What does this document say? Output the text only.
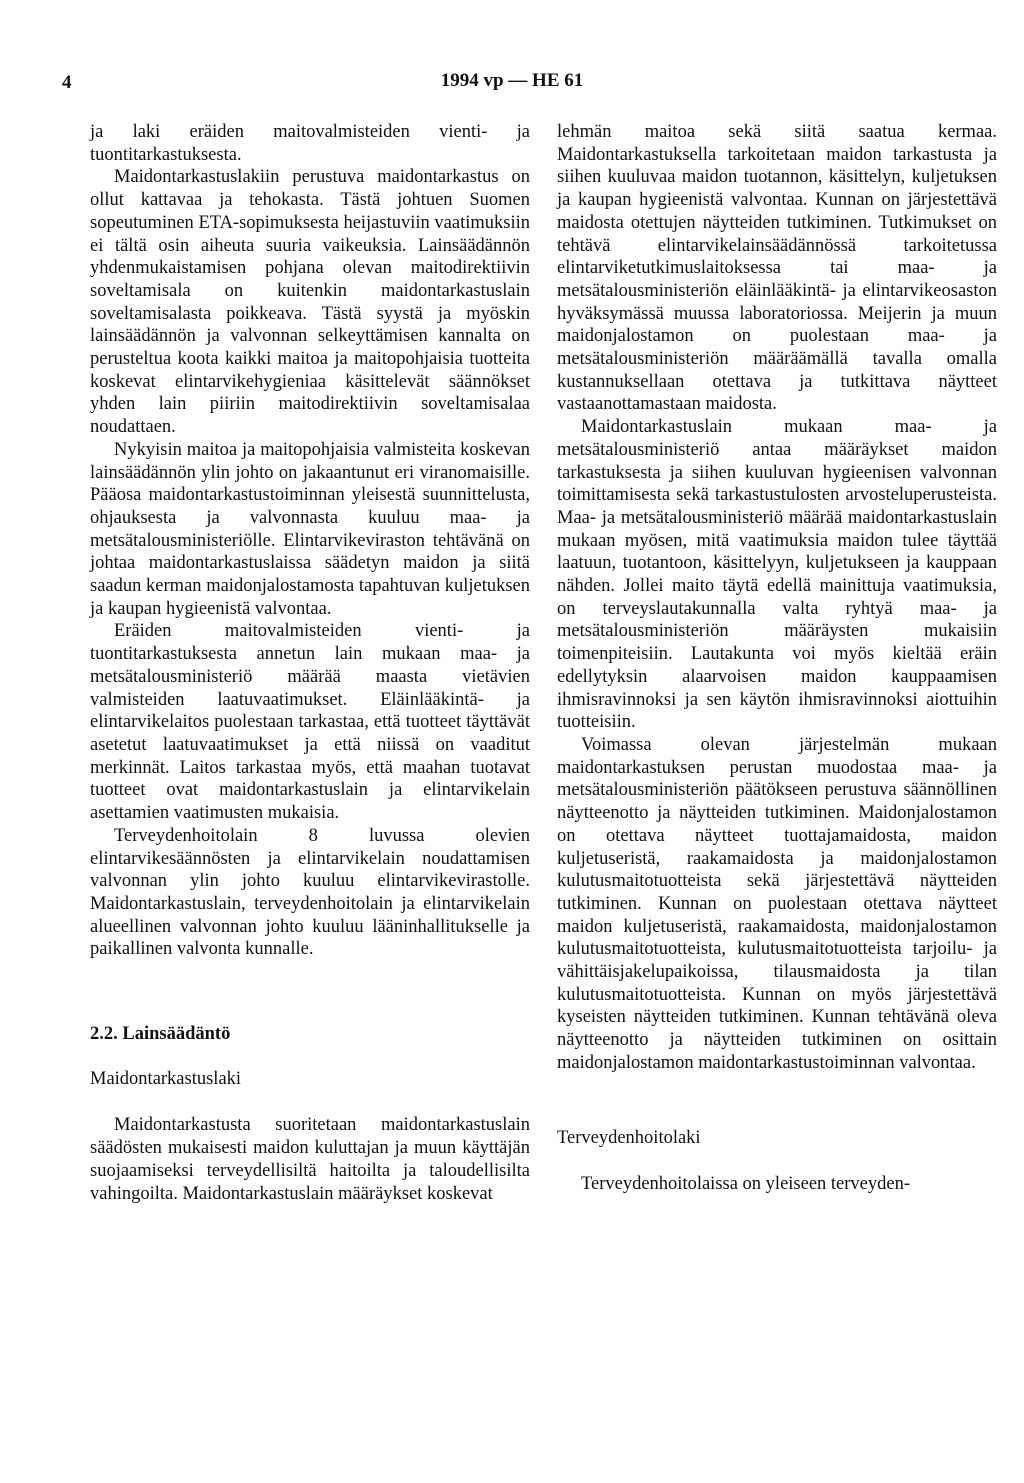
4	1994 vp — HE 61

ja laki eräiden maitovalmisteiden vienti- ja tuontitarkastuksesta.

Maidontarkastuslakiin perustuva maidontarkastus on ollut kattavaa ja tehokasta. Tästä johtuen Suomen sopeutuminen ETA-sopimuksesta heijastuviin vaatimuksiin ei tältä osin aiheuta suuria vaikeuksia. Lainsäädännön yhdenmukaistamisen pohjana olevan maitodirektiivin soveltamisala on kuitenkin maidontarkastuslain soveltamisalasta poikkeava. Tästä syystä ja myöskin lainsäädännön ja valvonnan selkeyttämisen kannalta on perusteltua koota kaikki maitoa ja maitopohjaisia tuotteita koskevat elintarvikehygieniaa käsittelevät säännökset yhden lain piiriin maitodirektiivin soveltamisalaa noudattaen.

Nykyisin maitoa ja maitopohjaisia valmisteita koskevan lainsäädännön ylin johto on jakaantunut eri viranomaisille. Pääosa maidontarkastustoiminnan yleisestä suunnittelusta, ohjauksesta ja valvonnasta kuuluu maa- ja metsätalousministeriölle. Elintarvikeviraston tehtävänä on johtaa maidontarkastuslaissa säädetyn maidon ja siitä saadun kerman maidonjalostamosta tapahtuvan kuljetuksen ja kaupan hygieenistä valvontaa.

Eräiden maitovalmisteiden vienti- ja tuontitarkastuksesta annetun lain mukaan maa- ja metsätalousministeriö määrää maasta vietävien valmisteiden laatuvaatimukset. Eläinlääkintä- ja elintarvikelaitos puolestaan tarkastaa, että tuotteet täyttävät asetetut laatuvaatimukset ja että niissä on vaaditut merkinnät. Laitos tarkastaa myös, että maahan tuotavat tuotteet ovat maidontarkastuslain ja elintarvikelain asettamien vaatimusten mukaisia.

Terveydenhoitolain 8 luvussa olevien elintarvikesäännösten ja elintarvikelain noudattamisen valvonnan ylin johto kuuluu elintarvikevirastolle. Maidontarkastuslain, terveydenhoitolain ja elintarvikelain alueellinen valvonnan johto kuuluu lääninhallitukselle ja paikallinen valvonta kunnalle.

2.2. Lainsäädäntö

Maidontarkastuslaki

Maidontarkastusta suoritetaan maidontarkastuslain säädösten mukaisesti maidon kuluttajan ja muun käyttäjän suojaamiseksi terveydellisiltä haitoilta ja taloudellisilta vahingoilta. Maidontarkastuslain määräykset koskevat

lehmän maitoa sekä siitä saatua kermaa. Maidontarkastuksella tarkoitetaan maidon tarkastusta ja siihen kuuluvaa maidon tuotannon, käsittelyn, kuljetuksen ja kaupan hygieenistä valvontaa. Kunnan on järjestettävä maidosta otettujen näytteiden tutkiminen. Tutkimukset on tehtävä elintarvikelainsäädännössä tarkoitetussa elintarviketutkimuslaitoksessa tai maa- ja metsätalousministeriön eläinlääkintä- ja elintarvikeosaston hyväksymässä muussa laboratoriossa. Meijerin ja muun maidonjalostamon on puolestaan maa- ja metsätalousministeriön määräämällä tavalla omalla kustannuksellaan otettava ja tutkittava näytteet vastaanottamastaan maidosta.

Maidontarkastuslain mukaan maa- ja metsätalousministeriö antaa määräykset maidon tarkastuksesta ja siihen kuuluvan hygieenisen valvonnan toimittamisesta sekä tarkastustulosten arvosteluperusteista. Maa- ja metsätalousministeriö määrää maidontarkastuslain mukaan myösen, mitä vaatimuksia maidon tulee täyttää laatuun, tuotantoon, käsittelyyn, kuljetukseen ja kauppaan nähden. Jollei maito täytä edellä mainittuja vaatimuksia, on terveyslautakunnalla valta ryhtyä maa- ja metsätalousministeriön määräysten mukaisiin toimenpiteisiin. Lautakunta voi myös kieltää eräin edellytyksin alaarvoisen maidon kauppaamisen ihmisravinnoksi ja sen käytön ihmisravinnoksi aiottuihin tuotteisiin.

Voimassa olevan järjestelmän mukaan maidontarkastuksen perustan muodostaa maa- ja metsätalousministeriön päätökseen perustuva säännöllinen näytteenotto ja näytteiden tutkiminen. Maidonjalostamon on otettava näytteet tuottajamaidosta, maidon kuljetuseristä, raakamaidosta ja maidonjalostamon kulutusmaitotuotteista sekä järjestettävä näytteiden tutkiminen. Kunnan on puolestaan otettava näytteet maidon kuljetuseristä, raakamaidosta, maidonjalostamon kulutusmaitotuotteista, kulutusmaitotuotteista tarjoilu- ja vähittäisjakelupaikoissa, tilausmaidosta ja tilan kulutusmaitotuotteista. Kunnan on myös järjestettävä kyseisten näytteiden tutkiminen. Kunnan tehtävänä oleva näytteenotto ja näytteiden tutkiminen on osittain maidonjalostamon maidontarkastustoiminnan valvontaa.

Terveydenhoitolaki

Terveydenhoitolaissa on yleiseen terveyden-
